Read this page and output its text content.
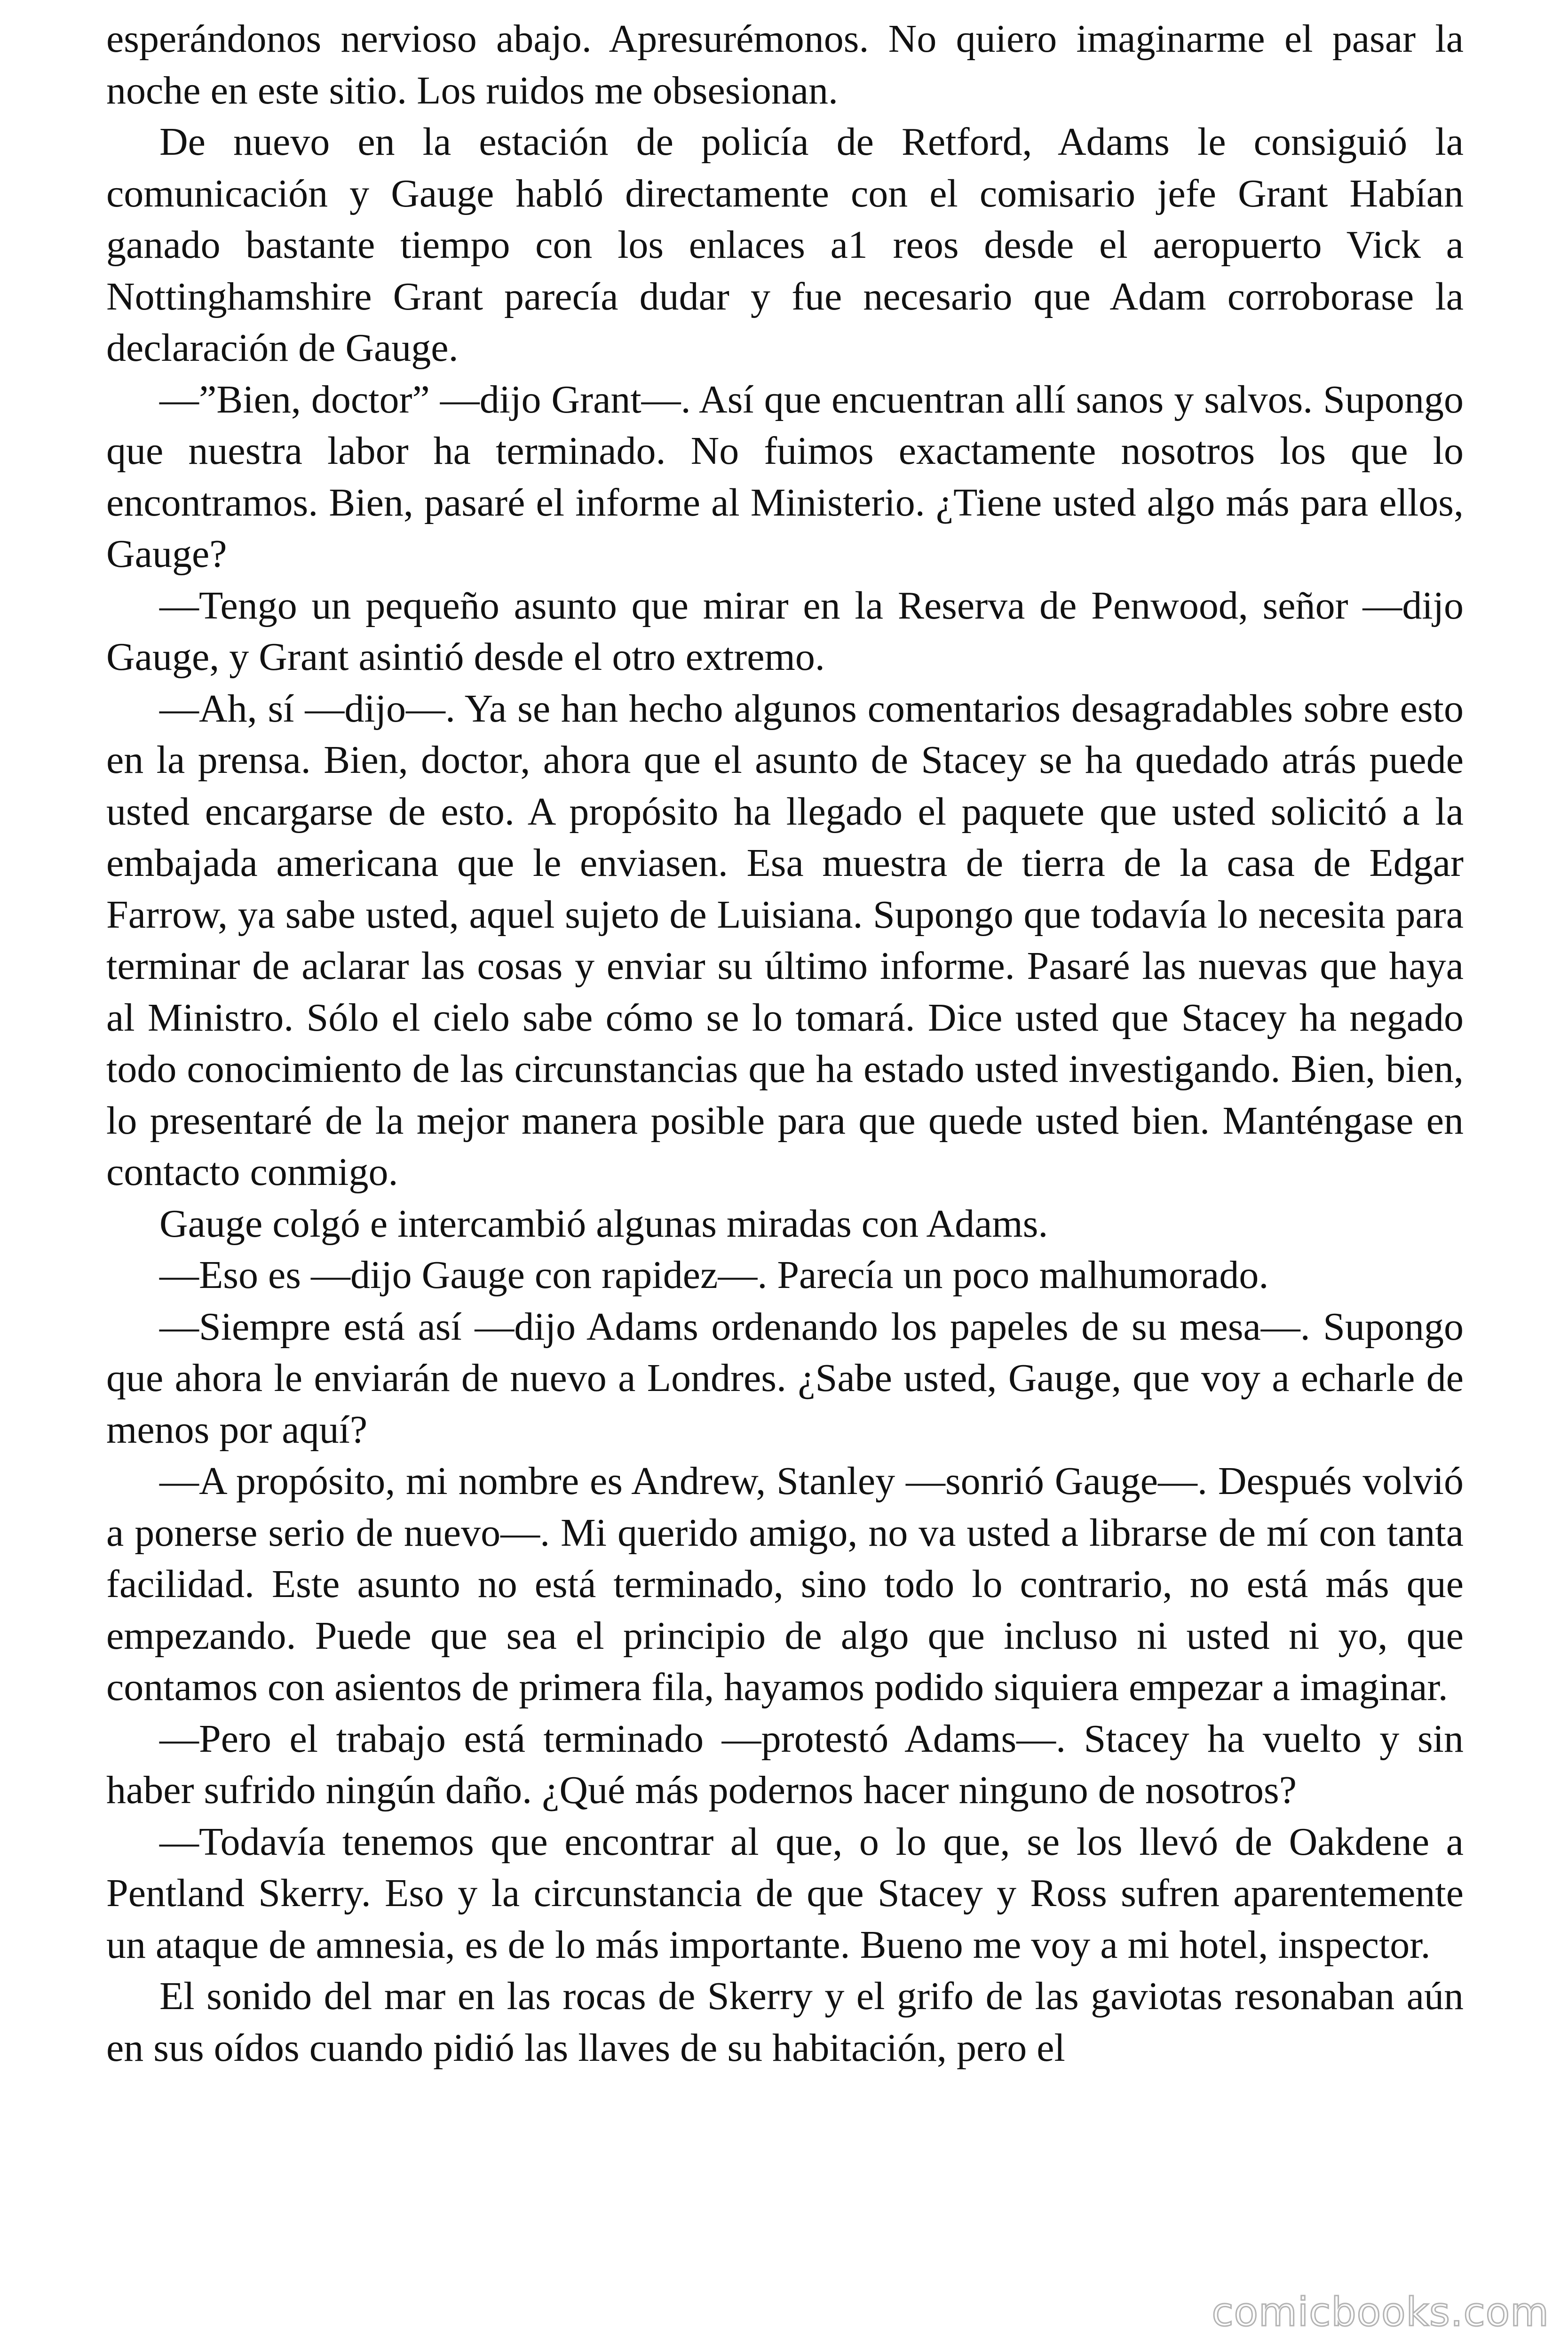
esperándonos nervioso abajo. Apresurémonos. No quiero imaginarme el pasar la noche en este sitio. Los ruidos me obsesionan.

De nuevo en la estación de policía de Retford, Adams le consiguió la comunicación y Gauge habló directamente con el comisario jefe Grant Habían ganado bastante tiempo con los enlaces a1 reos desde el aeropuerto Vick a Nottinghamshire Grant parecía dudar y fue necesario que Adam corroborase la declaración de Gauge.

—”Bien, doctor” —dijo Grant—. Así que encuentran allí sanos y salvos. Supongo que nuestra labor ha terminado. No fuimos exactamente nosotros los que lo encontramos. Bien, pasaré el informe al Ministerio. ¿Tiene usted algo más para ellos, Gauge?

—Tengo un pequeño asunto que mirar en la Reserva de Penwood, señor —dijo Gauge, y Grant asintió desde el otro extremo.

—Ah, sí —dijo—. Ya se han hecho algunos comentarios desagradables sobre esto en la prensa. Bien, doctor, ahora que el asunto de Stacey se ha quedado atrás puede usted encargarse de esto. A propósito ha llegado el paquete que usted solicitó a la embajada americana que le enviasen. Esa muestra de tierra de la casa de Edgar Farrow, ya sabe usted, aquel sujeto de Luisiana. Supongo que todavía lo necesita para terminar de aclarar las cosas y enviar su último informe. Pasaré las nuevas que haya al Ministro. Sólo el cielo sabe cómo se lo tomará. Dice usted que Stacey ha negado todo conocimiento de las circunstancias que ha estado usted investigando. Bien, bien, lo presentaré de la mejor manera posible para que quede usted bien. Manténgase en contacto conmigo.

Gauge colgó e intercambió algunas miradas con Adams.

—Eso es —dijo Gauge con rapidez—. Parecía un poco malhumorado.

—Siempre está así —dijo Adams ordenando los papeles de su mesa—. Supongo que ahora le enviarán de nuevo a Londres. ¿Sabe usted, Gauge, que voy a echarle de menos por aquí?

—A propósito, mi nombre es Andrew, Stanley —sonrió Gauge—. Después volvió a ponerse serio de nuevo—. Mi querido amigo, no va usted a librarse de mí con tanta facilidad. Este asunto no está terminado, sino todo lo contrario, no está más que empezando. Puede que sea el principio de algo que incluso ni usted ni yo, que contamos con asientos de primera fila, hayamos podido siquiera empezar a imaginar.

—Pero el trabajo está terminado —protestó Adams—. Stacey ha vuelto y sin haber sufrido ningún daño. ¿Qué más podernos hacer ninguno de nosotros?

—Todavía tenemos que encontrar al que, o lo que, se los llevó de Oakdene a Pentland Skerry. Eso y la circunstancia de que Stacey y Ross sufren aparentemente un ataque de amnesia, es de lo más importante. Bueno me voy a mi hotel, inspector.

El sonido del mar en las rocas de Skerry y el grifo de las gaviotas resonaban aún en sus oídos cuando pidió las llaves de su habitación, pero el

comicbooks.com
